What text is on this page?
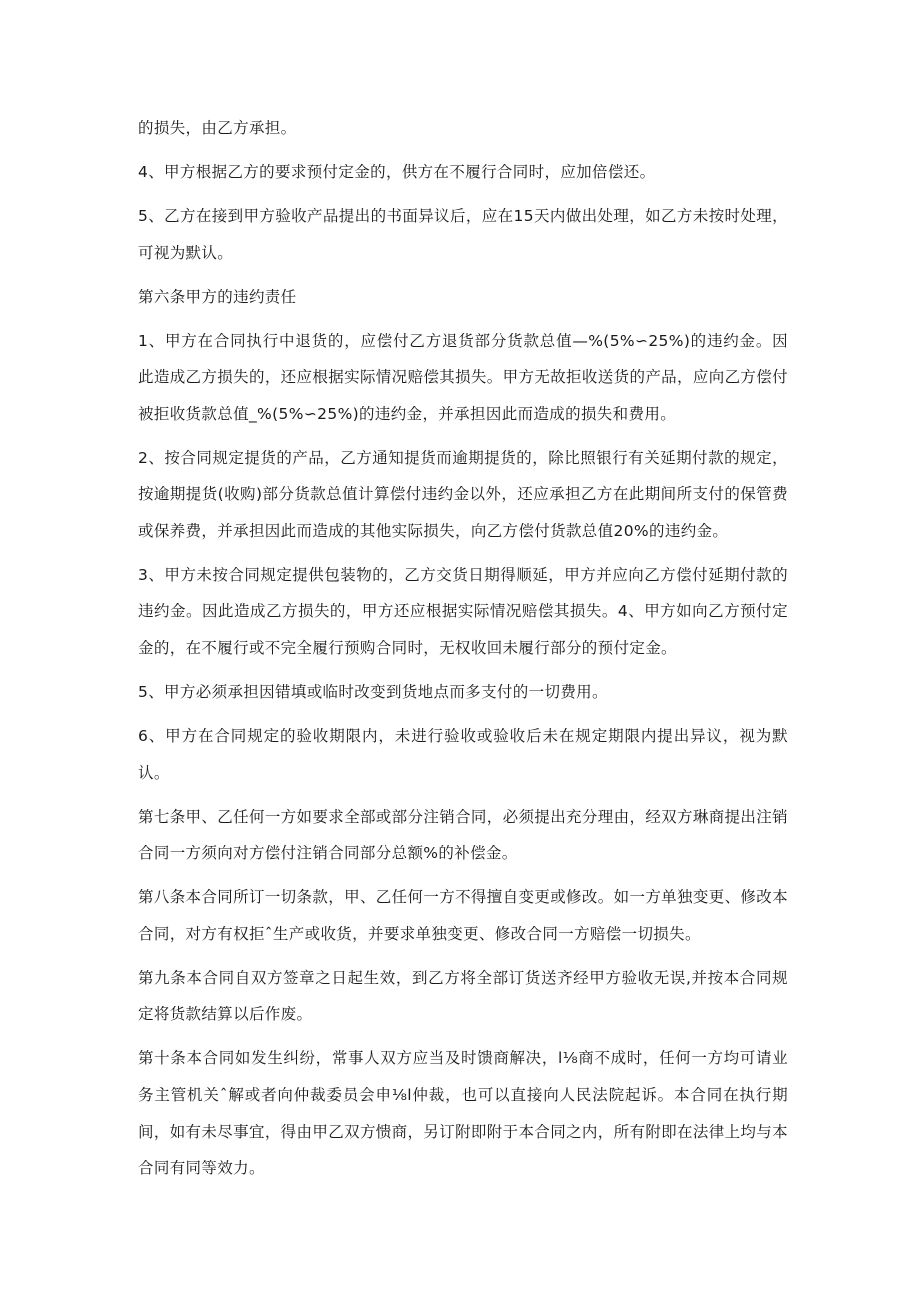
的损失，由乙方承担。

4、甲方根据乙方的要求预付定金的，供方在不履行合同时，应加倍偿还。

5、乙方在接到甲方验收产品提出的书面异议后，应在15天内做出处理，如乙方未按时处理，可视为默认。

第六条甲方的违约责任

1、甲方在合同执行中退货的，应偿付乙方退货部分货款总值—%(5%∽25%)的违约金。因此造成乙方损失的，还应根据实际情况赔偿其损失。甲方无故拒收送货的产品，应向乙方偿付被拒收货款总值_%(5%∽25%)的违约金，并承担因此而造成的损失和费用。

2、按合同规定提货的产品，乙方通知提货而逾期提货的，除比照银行有关延期付款的规定，按逾期提货(收购)部分货款总值计算偿付违约金以外，还应承担乙方在此期间所支付的保管费或保养费，并承担因此而造成的其他实际损失，向乙方偿付货款总值20%的违约金。

3、甲方未按合同规定提供包装物的，乙方交货日期得顺延，甲方并应向乙方偿付延期付款的违约金。因此造成乙方损失的，甲方还应根据实际情况赔偿其损失。4、甲方如向乙方预付定金的，在不履行或不完全履行预购合同时，无权收回未履行部分的预付定金。

5、甲方必须承担因错填或临时改变到货地点而多支付的一切费用。

6、甲方在合同规定的验收期限内，未进行验收或验收后未在规定期限内提出异议，视为默认。

第七条甲、乙任何一方如要求全部或部分注销合同，必须提出充分理由，经双方琳商提出注销合同一方须向对方偿付注销合同部分总额%的补偿金。

第八条本合同所订一切条款，甲、乙任何一方不得擅自变更或修改。如一方单独变更、修改本合同，对方有权拒ˆ生产或收货，并要求单独变更、修改合同一方赔偿一切损失。

第九条本合同自双方签章之日起生效，到乙方将全部订货送齐经甲方验收无误,并按本合同规定将货款结算以后作废。

第十条本合同如发生纠纷，常事人双方应当及时馈商解决，l⅛商不成时，任何一方均可请业务主管机关ˆ解或者向仲裁委员会申⅛l仲裁，也可以直接向人民法院起诉。本合同在执行期间，如有未尽事宜，得由甲乙双方愦商，另订附即附于本合同之内，所有附即在法律上均与本合同有同等效力。
